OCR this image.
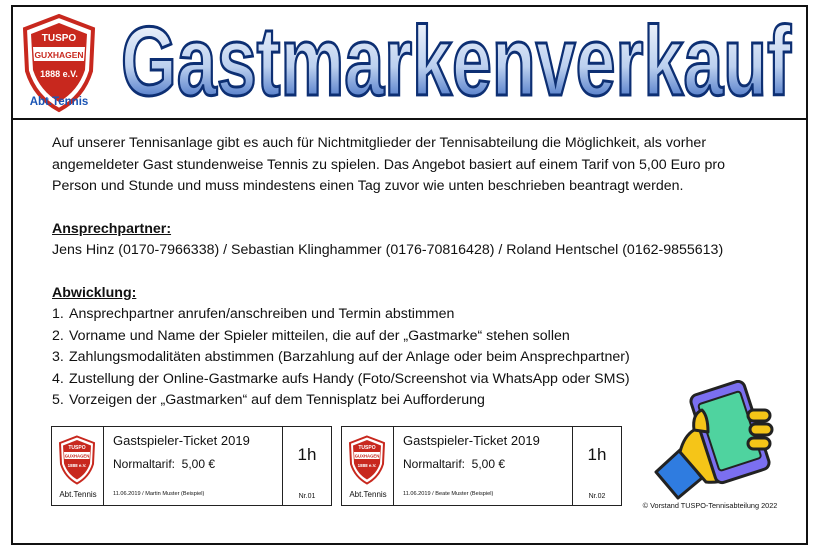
TUSPO
GUXHAGEN
1888 e.V.
Abt.Tennis Gastmarkenverkauf

Auf unserer Tennisanlage gibt es auch für Nichtmitglieder der Tennisabteilung die Möglichkeit, als vorher

angemeldeter Gast stundenweise Tennis zu spielen. Das Angebot basiert auf einem Tarif von 5,00 Euro pro

Person und Stunde und muss mindestens einen Tag zuvor wie unten beschrieben beantragt werden.

Ansprechpartner:

Jens Hinz (0170-7966338) / Sebastian Klinghammer (0176-70816428) / Roland Hentschel (0162-9855613)

Abwicklung:

1. Ansprechpartner anrufen/anschreiben und Termin abstimmen
2. Vorname und Name der Spieler mitteilen, die auf der „Gastmarke“ stehen sollen
3. Zahlungsmodalitäten abstimmen (Barzahlung auf der Anlage oder beim Ansprechpartner)
4. Zustellung der Online-Gastmarke aufs Handy (Foto/Screenshot via WhatsApp oder SMS)
5. Vorzeigen der „Gastmarken“ auf dem Tennisplatz bei Aufforderung
TUSPO
GUXHAGEN
1888 e.V.
Abt.Tennis
Gastspieler-Ticket 2019
Normaltarif:  5,00 €
11.06.2019 / Martin Muster (Beispiel)
1h
Nr.01
TUSPO
GUXHAGEN
1888 e.V.
Abt.Tennis
Gastspieler-Ticket 2019
Normaltarif:  5,00 €
11.06.2019 / Beate Muster (Beispiel)
1h
Nr.02
© Vorstand TUSPO-Tennisabteilung 2022
